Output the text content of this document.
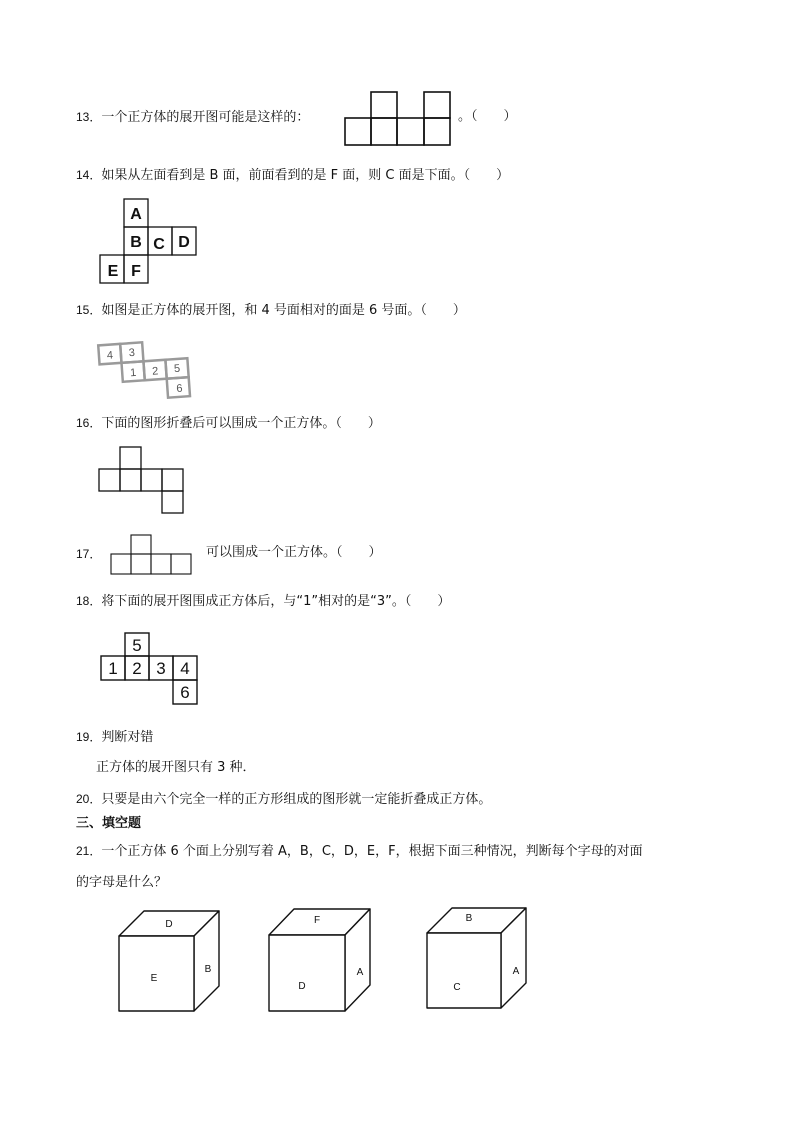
13．一个正方体的展开图可能是这样的：	。（　　）
14．如果从左面看到是 B 面，前面看到的是 F 面，则 C 面是下面。（　　）
A
B C D
E F
15．如图是正方体的展开图，和 4 号面相对的面是 6 号面。（　　）
4 3
1 2 5
6
16．下面的图形折叠后可以围成一个正方体。（　　）
17．	可以围成一个正方体。（　　）
18．将下面的展开图围成正方体后，与“1”相对的是“3”。（　　）
5
1 2 3 4
6
19．判断对错
正方体的展开图只有 3 种．
20．只要是由六个完全一样的正方形组成的图形就一定能折叠成正方体。
三、填空题
21．一个正方体 6 个面上分别写着 A，B，C，D，E，F，根据下面三种情况，判断每个字母的对面
的字母是什么？
D
E
B
F
D
A
B
C
A
